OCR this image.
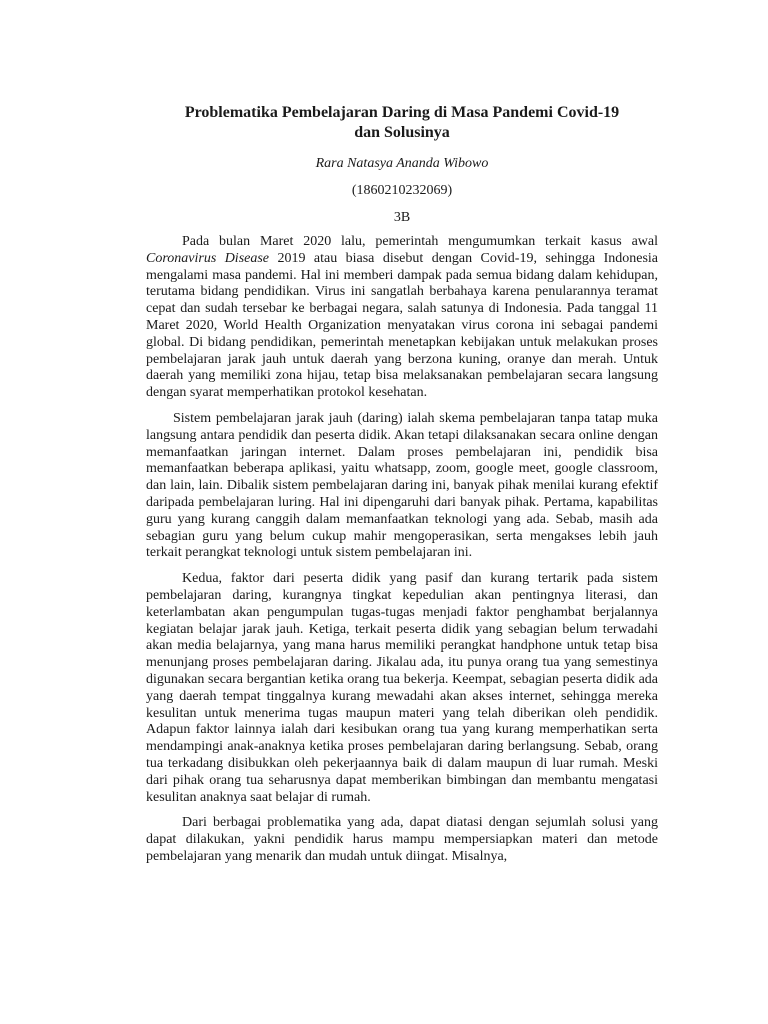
Problematika Pembelajaran Daring di Masa Pandemi Covid-19
dan Solusinya

Rara Natasya Ananda Wibowo

(1860210232069)

3B

Pada bulan Maret 2020 lalu, pemerintah mengumumkan terkait kasus awal Coronavirus Disease 2019 atau biasa disebut dengan Covid-19, sehingga Indonesia mengalami masa pandemi. Hal ini memberi dampak pada semua bidang dalam kehidupan, terutama bidang pendidikan. Virus ini sangatlah berbahaya karena penularannya teramat cepat dan sudah tersebar ke berbagai negara, salah satunya di Indonesia. Pada tanggal 11 Maret 2020, World Health Organization menyatakan virus corona ini sebagai pandemi global. Di bidang pendidikan, pemerintah menetapkan kebijakan untuk melakukan proses pembelajaran jarak jauh untuk daerah yang berzona kuning, oranye dan merah. Untuk daerah yang memiliki zona hijau, tetap bisa melaksanakan pembelajaran secara langsung dengan syarat memperhatikan protokol kesehatan.

Sistem pembelajaran jarak jauh (daring) ialah skema pembelajaran tanpa tatap muka langsung antara pendidik dan peserta didik. Akan tetapi dilaksanakan secara online dengan memanfaatkan jaringan internet. Dalam proses pembelajaran ini, pendidik bisa memanfaatkan beberapa aplikasi, yaitu whatsapp, zoom, google meet, google classroom, dan lain, lain. Dibalik sistem pembelajaran daring ini, banyak pihak menilai kurang efektif daripada pembelajaran luring. Hal ini dipengaruhi dari banyak pihak. Pertama, kapabilitas guru yang kurang canggih dalam memanfaatkan teknologi yang ada. Sebab, masih ada sebagian guru yang belum cukup mahir mengoperasikan, serta mengakses lebih jauh terkait perangkat teknologi untuk sistem pembelajaran ini.

Kedua, faktor dari peserta didik yang pasif dan kurang tertarik pada sistem pembelajaran daring, kurangnya tingkat kepedulian akan pentingnya literasi, dan keterlambatan akan pengumpulan tugas-tugas menjadi faktor penghambat berjalannya kegiatan belajar jarak jauh. Ketiga, terkait peserta didik yang sebagian belum terwadahi akan media belajarnya, yang mana harus memiliki perangkat handphone untuk tetap bisa menunjang proses pembelajaran daring. Jikalau ada, itu punya orang tua yang semestinya digunakan secara bergantian ketika orang tua bekerja. Keempat, sebagian peserta didik ada yang daerah tempat tinggalnya kurang mewadahi akan akses internet, sehingga mereka kesulitan untuk menerima tugas maupun materi yang telah diberikan oleh pendidik. Adapun faktor lainnya ialah dari kesibukan orang tua yang kurang memperhatikan serta mendampingi anak-anaknya ketika proses pembelajaran daring berlangsung. Sebab, orang tua terkadang disibukkan oleh pekerjaannya baik di dalam maupun di luar rumah. Meski dari pihak orang tua seharusnya dapat memberikan bimbingan dan membantu mengatasi kesulitan anaknya saat belajar di rumah.

Dari berbagai problematika yang ada, dapat diatasi dengan sejumlah solusi yang dapat dilakukan, yakni pendidik harus mampu mempersiapkan materi dan metode pembelajaran yang menarik dan mudah untuk diingat. Misalnya,
